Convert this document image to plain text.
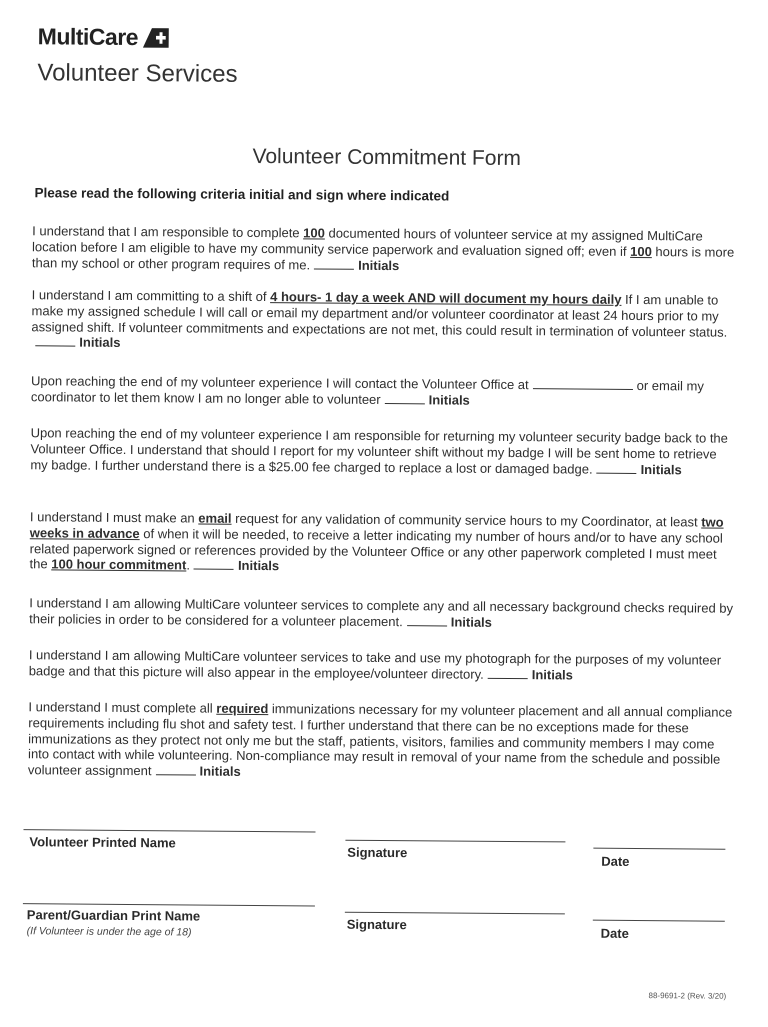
MultiCare
Volunteer Services
Volunteer Commitment Form
Please read the following criteria initial and sign where indicated
I understand that I am responsible to complete 100 documented hours of volunteer service at my assigned MultiCare location before I am eligible to have my community service paperwork and evaluation signed off; even if 100 hours is more than my school or other program requires of me.	Initials
I understand I am committing to a shift of 4 hours- 1 day a week AND will document my hours daily If I am unable to make my assigned schedule I will call or email my department and/or volunteer coordinator at least 24 hours prior to my assigned shift. If volunteer commitments and expectations are not met, this could result in termination of volunteer status.Initials
Upon reaching the end of my volunteer experience I will contact the Volunteer Office at	or email my coordinator to let them know I am no longer able to volunteer	Initials
Upon reaching the end of my volunteer experience I am responsible for returning my volunteer security badge back to the Volunteer Office. I understand that should I report for my volunteer shift without my badge I will be sent home to retrieve my badge. I further understand there is a $25.00 fee charged to replace a lost or damaged badge.	Initials
I understand I must make an email request for any validation of community service hours to my Coordinator, at least two weeks in advance of when it will be needed, to receive a letter indicating my number of hours and/or to have any school related paperwork signed or references provided by the Volunteer Office or any other paperwork completed I must meet the 100 hour commitment.	Initials
I understand I am allowing MultiCare volunteer services to complete any and all necessary background checks required by their policies in order to be considered for a volunteer placement.	Initials
I understand I am allowing MultiCare volunteer services to take and use my photograph for the purposes of my volunteer badge and that this picture will also appear in the employee/volunteer directory.	Initials
I understand I must complete all required immunizations necessary for my volunteer placement and all annual compliance requirements including flu shot and safety test. I further understand that there can be no exceptions made for these immunizations as they protect not only me but the staff, patients, visitors, families and community members I may come into contact with while volunteering. Non-compliance may result in removal of your name from the schedule and possible volunteer assignment	Initials
Volunteer Printed Name
Signature
Date
Parent/Guardian Print Name
(If Volunteer is under the age of 18)	Signature
Date
88-9691-2 (Rev. 3/20)
